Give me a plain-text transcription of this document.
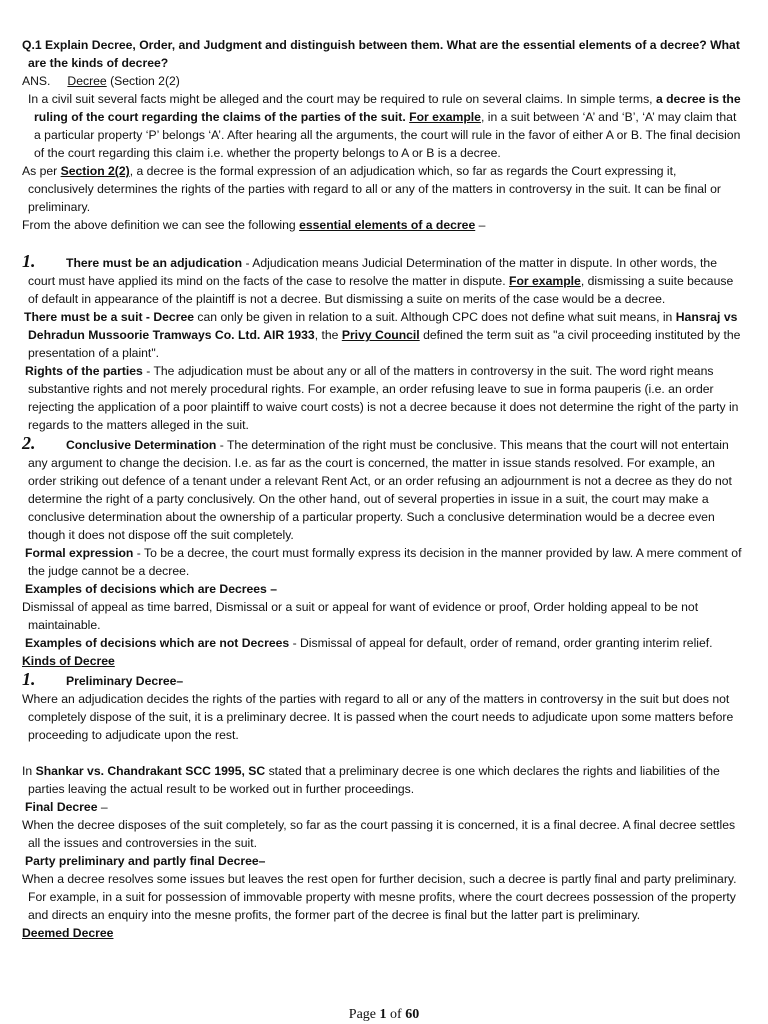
Q.1 Explain Decree, Order, and Judgment and distinguish between them. What are the essential elements of a decree? What are the kinds of decree?

ANS. Decree (Section 2(2)

In a civil suit several facts might be alleged and the court may be required to rule on several claims. In simple terms, a decree is the ruling of the court regarding the claims of the parties of the suit. For example, in a suit between ‘A’ and ‘B’, ‘A’ may claim that a particular property ‘P’ belongs ‘A’. After hearing all the arguments, the court will rule in the favor of either A or B. The final decision of the court regarding this claim i.e. whether the property belongs to A or B is a decree.

As per Section 2(2), a decree is the formal expression of an adjudication which, so far as regards the Court expressing it, conclusively determines the rights of the parties with regard to all or any of the matters in controversy in the suit. It can be final or preliminary.

From the above definition we can see the following essential elements of a decree –

1.	There must be an adjudication - Adjudication means Judicial Determination of the matter in dispute. In other words, the court must have applied its mind on the facts of the case to resolve the matter in dispute. For example, dismissing a suite because of default in appearance of the plaintiff is not a decree. But dismissing a suite on merits of the case would be a decree.

There must be a suit - Decree can only be given in relation to a suit. Although CPC does not define what suit means, in Hansraj vs Dehradun Mussoorie Tramways Co. Ltd. AIR 1933, the Privy Council defined the term suit as "a civil proceeding instituted by the presentation of a plaint".

Rights of the parties - The adjudication must be about any or all of the matters in controversy in the suit. The word right means substantive rights and not merely procedural rights. For example, an order refusing leave to sue in forma pauperis (i.e. an order rejecting the application of a poor plaintiff to waive court costs) is not a decree because it does not determine the right of the party in regards to the matters alleged in the suit.

2.	Conclusive Determination - The determination of the right must be conclusive. This means that the court will not entertain any argument to change the decision. I.e. as far as the court is concerned, the matter in issue stands resolved. For example, an order striking out defence of a tenant under a relevant Rent Act, or an order refusing an adjournment is not a decree as they do not determine the right of a party conclusively. On the other hand, out of several properties in issue in a suit, the court may make a conclusive determination about the ownership of a particular property. Such a conclusive determination would be a decree even though it does not dispose off the suit completely.

Formal expression - To be a decree, the court must formally express its decision in the manner provided by law. A mere comment of the judge cannot be a decree.

Examples of decisions which are Decrees –

Dismissal of appeal as time barred, Dismissal or a suit or appeal for want of evidence or proof, Order holding appeal to be not maintainable.

Examples of decisions which are not Decrees - Dismissal of appeal for default, order of remand, order granting interim relief.

Kinds of Decree

1.	Preliminary Decree–

Where an adjudication decides the rights of the parties with regard to all or any of the matters in controversy in the suit but does not completely dispose of the suit, it is a preliminary decree. It is passed when the court needs to adjudicate upon some matters before proceeding to adjudicate upon the rest.

In Shankar vs. Chandrakant SCC 1995, SC stated that a preliminary decree is one which declares the rights and liabilities of the parties leaving the actual result to be worked out in further proceedings.

Final Decree –

When the decree disposes of the suit completely, so far as the court passing it is concerned, it is a final decree. A final decree settles all the issues and controversies in the suit.

Party preliminary and partly final Decree–

When a decree resolves some issues but leaves the rest open for further decision, such a decree is partly final and party preliminary. For example, in a suit for possession of immovable property with mesne profits, where the court decrees possession of the property and directs an enquiry into the mesne profits, the former part of the decree is final but the latter part is preliminary.

Deemed Decree

Page 1 of 60
